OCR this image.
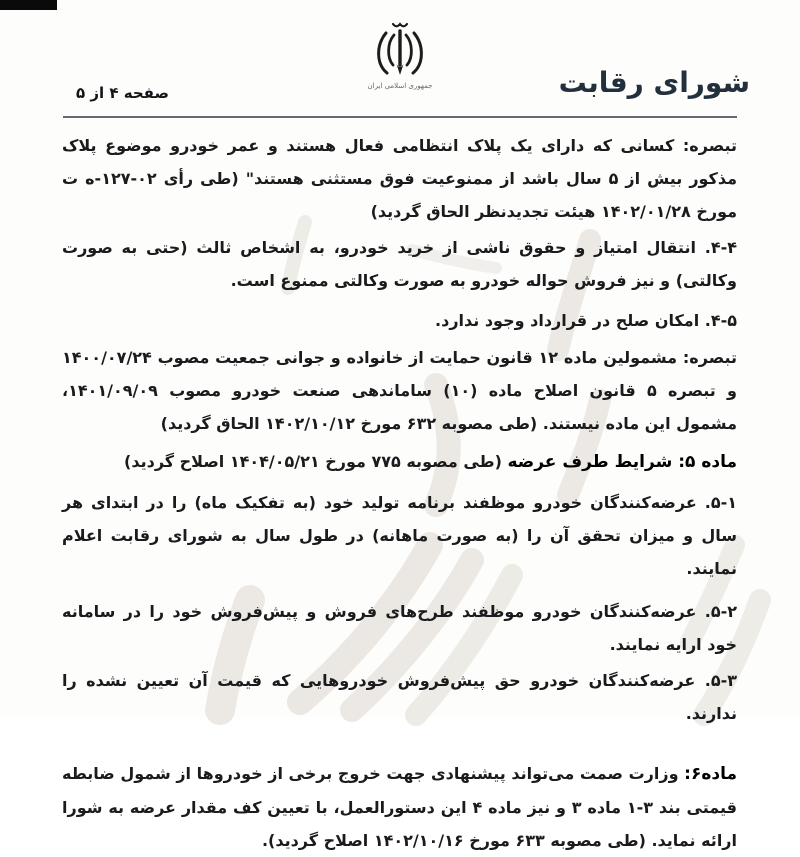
شورای رقابت
جمهوری اسلامی ایران
صفحه ۴ از ۵

تبصره: کسانی که دارای یک پلاک انتظامی فعال هستند و عمر خودرو موضوع پلاک مذکور بیش از ۵ سال باشد از ممنوعیت فوق مستثنی هستند" (طی رأی ۰۲-۱۲۷-ه ت مورخ ۱۴۰۲/۰۱/۲۸ هیئت تجدیدنظر الحاق گردید)

۴-۴. انتقال امتیاز و حقوق ناشی از خرید خودرو، به اشخاص ثالث (حتی به صورت وکالتی) و نیز فروش حواله خودرو به صورت وکالتی ممنوع است.

۴-۵. امکان صلح در قرارداد وجود ندارد.

تبصره: مشمولین ماده ۱۲ قانون حمایت از خانواده و جوانی جمعیت مصوب ۱۴۰۰/۰۷/۲۴ و تبصره ۵ قانون اصلاح ماده (۱۰) ساماندهی صنعت خودرو مصوب ۱۴۰۱/۰۹/۰۹، مشمول این ماده نیستند. (طی مصوبه ۶۳۲ مورخ ۱۴۰۲/۱۰/۱۲ الحاق گردید)

ماده ۵: شرایط طرف عرضه (طی مصوبه ۷۷۵ مورخ ۱۴۰۴/۰۵/۲۱ اصلاح گردید)

۵-۱. عرضه‌کنندگان خودرو موظفند برنامه تولید خود (به تفکیک ماه) را در ابتدای هر سال و میزان تحقق آن را (به صورت ماهانه) در طول سال به شورای رقابت اعلام نمایند.

۵-۲. عرضه‌کنندگان خودرو موظفند طرح‌های فروش و پیش‌فروش خود را در سامانه خود ارایه نمایند.

۵-۳. عرضه‌کنندگان خودرو حق پیش‌فروش خودروهایی که قیمت آن تعیین نشده را ندارند.

ماده۶: وزارت صمت می‌تواند پیشنهادی جهت خروج برخی از خودروها از شمول ضابطه قیمتی بند ۳-۱ ماده ۳ و نیز ماده ۴ این دستورالعمل، با تعیین کف مقدار عرضه به شورا ارائه نماید. (طی مصوبه ۶۳۳ مورخ ۱۴۰۲/۱۰/۱۶ اصلاح گردید).
